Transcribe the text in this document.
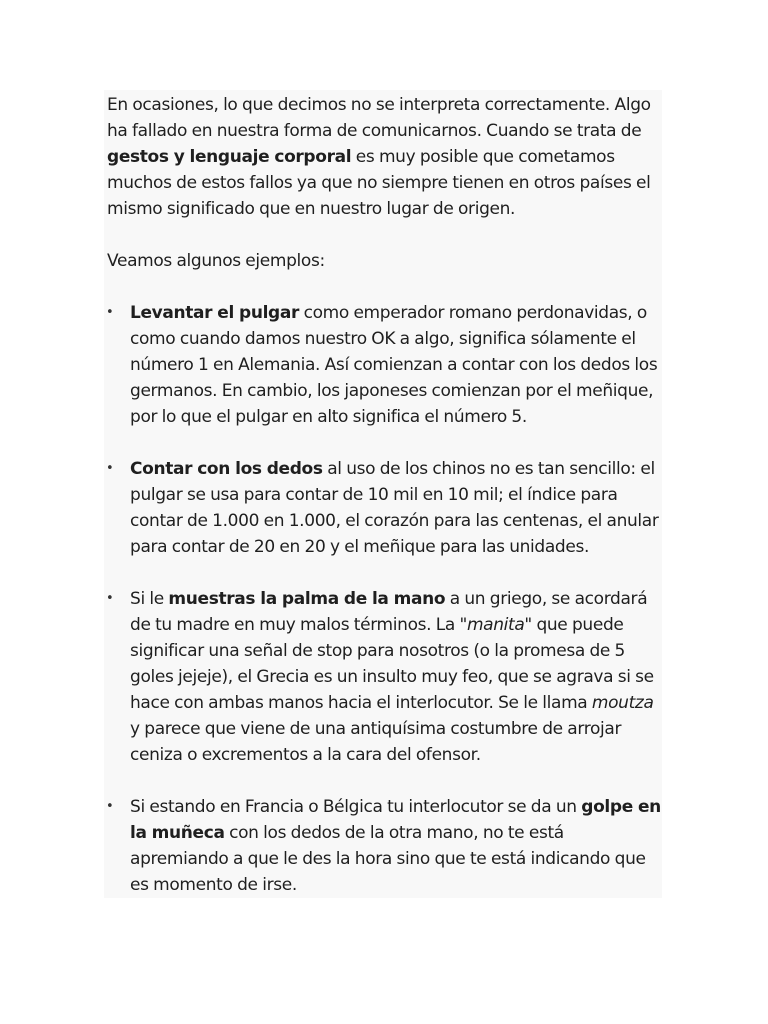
En ocasiones, lo que decimos no se interpreta correctamente. Algo ha fallado en nuestra forma de comunicarnos. Cuando se trata de gestos y lenguaje corporal es muy posible que cometamos muchos de estos fallos ya que no siempre tienen en otros países el mismo significado que en nuestro lugar de origen.

Veamos algunos ejemplos:

• Levantar el pulgar como emperador romano perdonavidas, o como cuando damos nuestro OK a algo, significa sólamente el número 1 en Alemania. Así comienzan a contar con los dedos los germanos. En cambio, los japoneses comienzan por el meñique, por lo que el pulgar en alto significa el número 5.

• Contar con los dedos al uso de los chinos no es tan sencillo: el pulgar se usa para contar de 10 mil en 10 mil; el índice para contar de 1.000 en 1.000, el corazón para las centenas, el anular para contar de 20 en 20 y el meñique para las unidades.

• Si le muestras la palma de la mano a un griego, se acordará de tu madre en muy malos términos. La "manita" que puede significar una señal de stop para nosotros (o la promesa de 5 goles jejeje), el Grecia es un insulto muy feo, que se agrava si se hace con ambas manos hacia el interlocutor. Se le llama moutza y parece que viene de una antiquísima costumbre de arrojar ceniza o excrementos a la cara del ofensor.

• Si estando en Francia o Bélgica tu interlocutor se da un golpe en la muñeca con los dedos de la otra mano, no te está apremiando a que le des la hora sino que te está indicando que es momento de irse.
